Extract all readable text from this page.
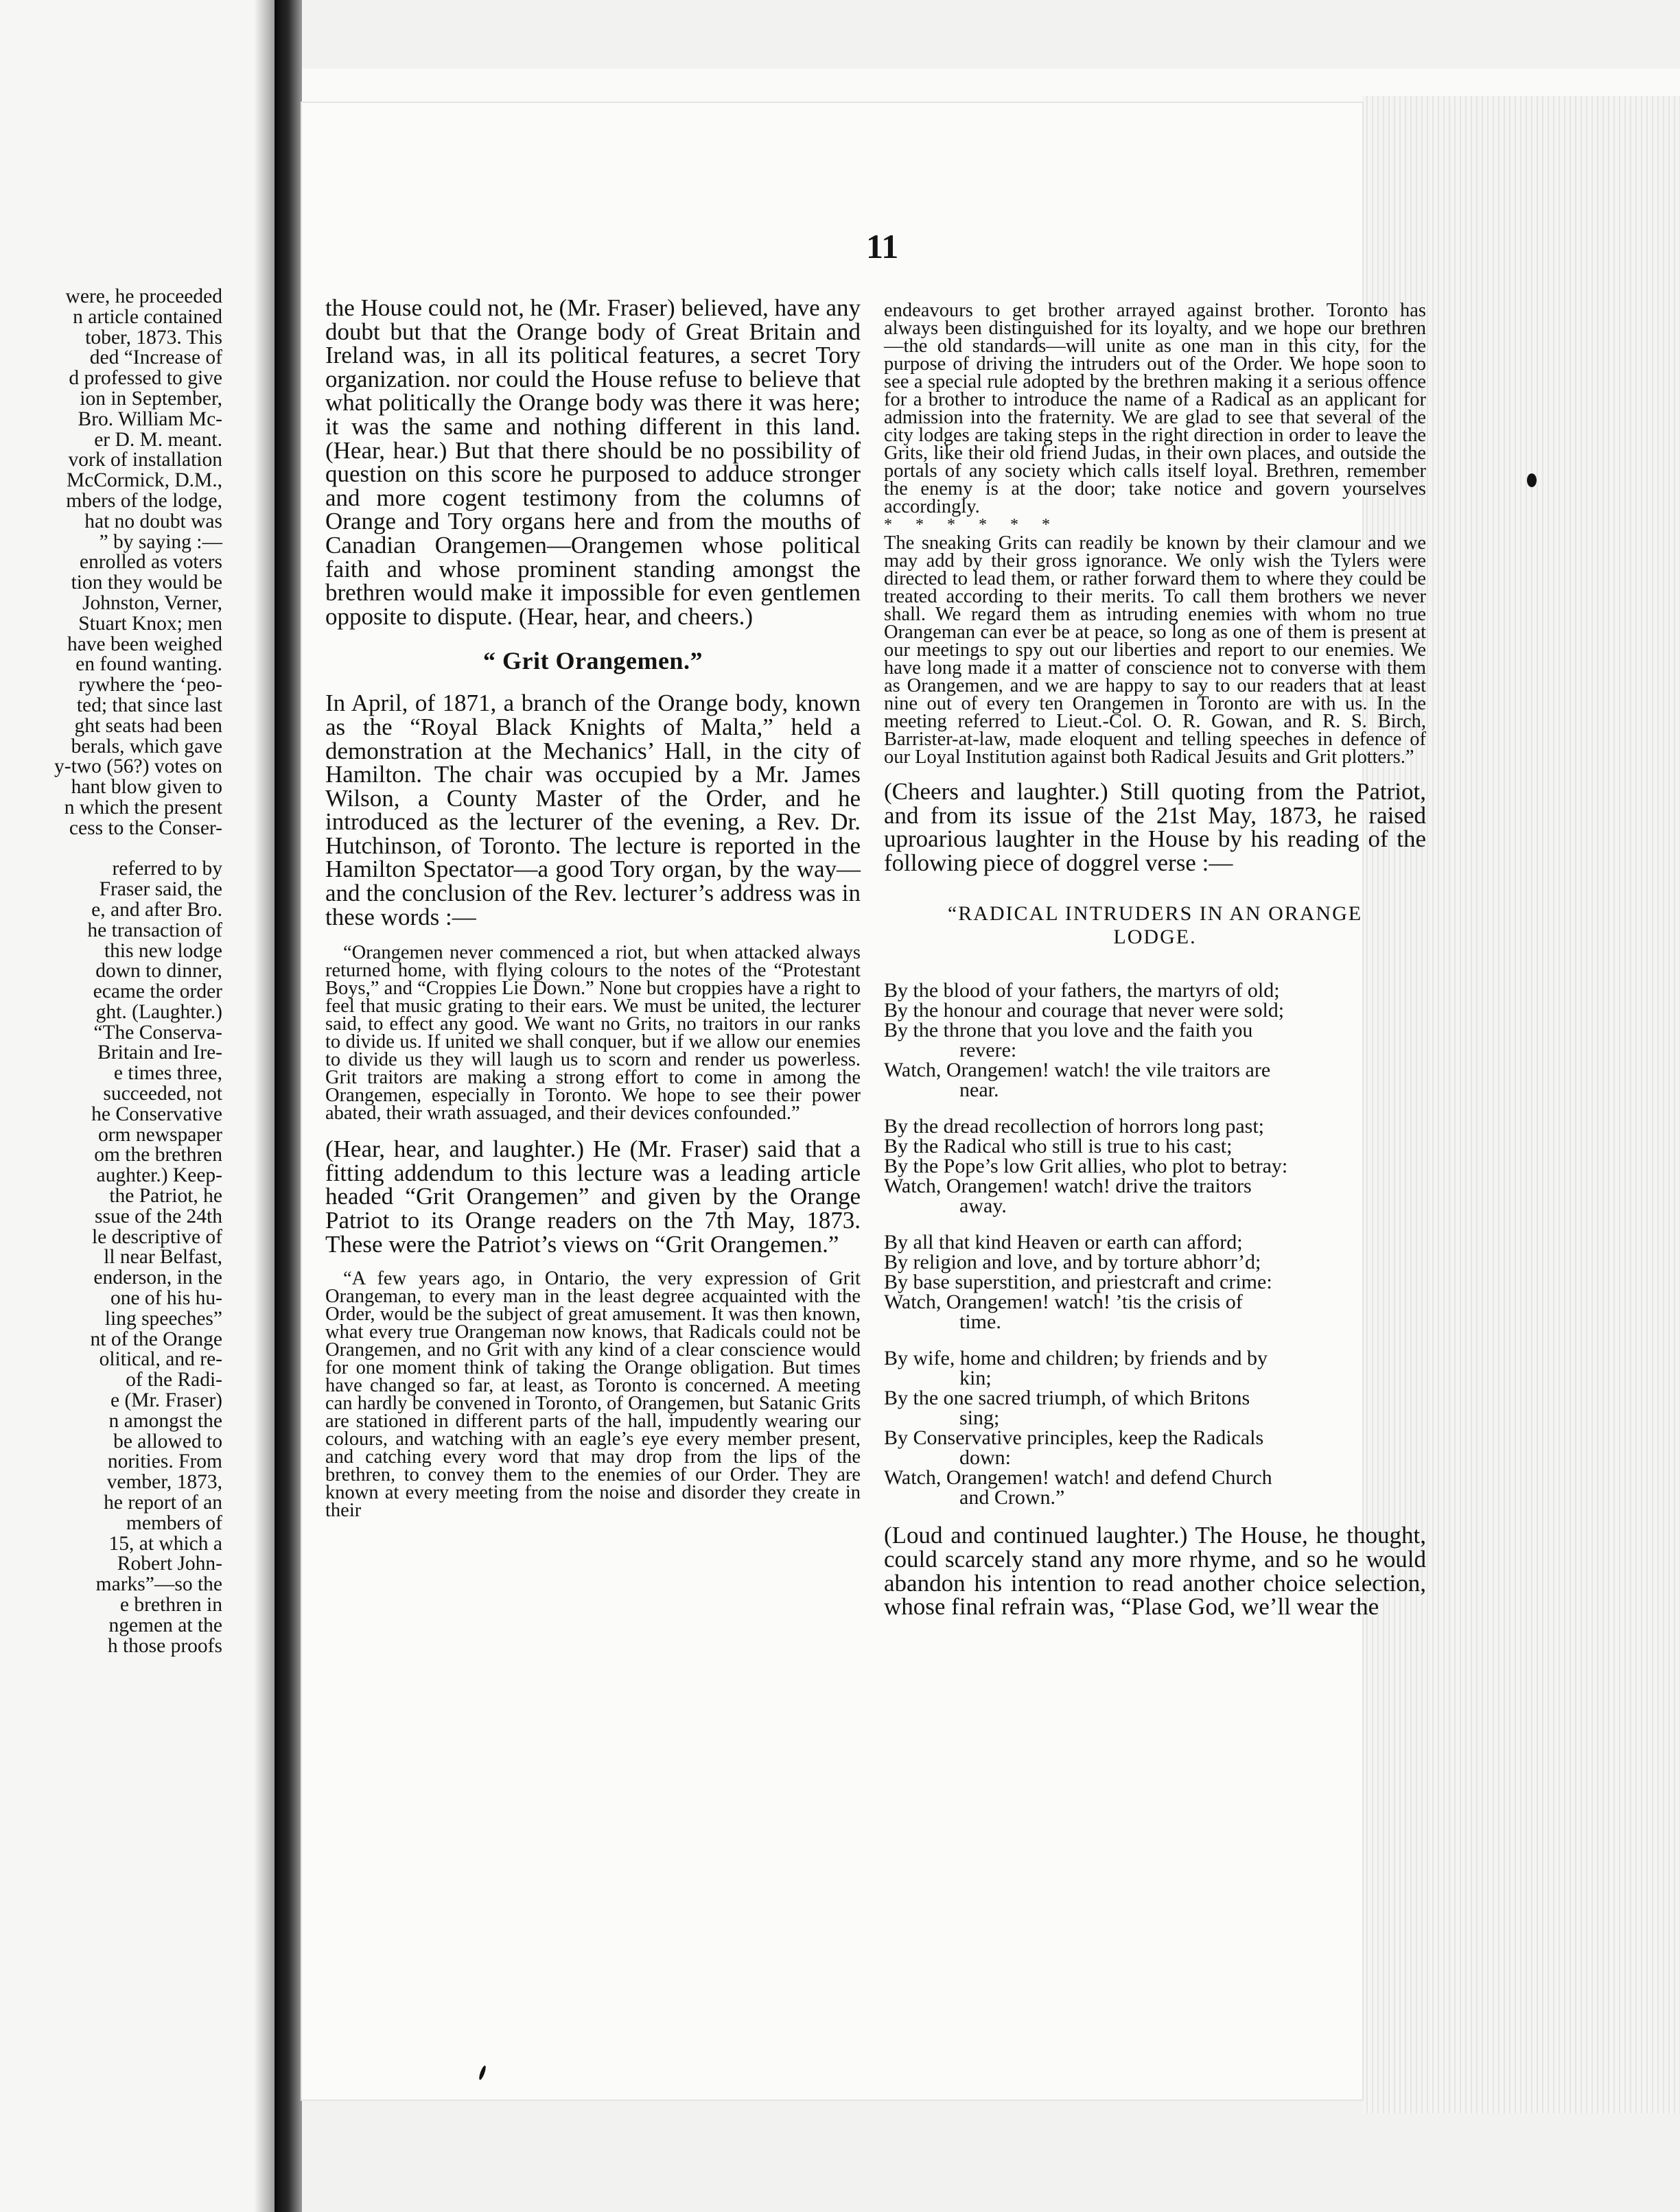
were, he proceeded
n article contained
tober, 1873. This
ded “Increase of
d professed to give
ion in September,
Bro. William Mc-
er D. M. meant.
vork of installation
McCormick, D.M.,
mbers of the lodge,
hat no doubt was
” by saying :—
enrolled as voters
tion they would be
Johnston, Verner,
Stuart Knox; men
have been weighed
en found wanting.
rywhere the ‘peo-
ted; that since last
ght seats had been
berals, which gave
y-two (56?) votes on
hant blow given to
n which the present
cess to the Conser-
referred to by
Fraser said, the
e, and after Bro.
he transaction of
this new lodge
down to dinner,
ecame the order
ght. (Laughter.)
“The Conserva-
Britain and Ire-
e times three,
succeeded, not
he Conservative
orm newspaper
om the brethren
aughter.) Keep-
the Patriot, he
ssue of the 24th
le descriptive of
ll near Belfast,
enderson, in the
one of his hu-
ling speeches”
nt of the Orange
olitical, and re-
of the Radi-
e (Mr. Fraser)
n amongst the
be allowed to
norities. From
vember, 1873,
he report of an
members of
15, at which a
Robert John-
marks”—so the
e brethren in
ngemen at the
h those proofs
11

the House could not, he (Mr. Fraser) believed, have any doubt but that the Orange body of Great Britain and Ireland was, in all its political features, a secret Tory organization. nor could the House refuse to believe that what politically the Orange body was there it was here; it was the same and nothing different in this land. (Hear, hear.) But that there should be no possibility of question on this score he purposed to adduce stronger and more cogent testimony from the columns of Orange and Tory organs here and from the mouths of Canadian Orangemen—Orangemen whose political faith and whose prominent standing amongst the brethren would make it impossible for even gentlemen opposite to dispute. (Hear, hear, and cheers.)

“ Grit Orangemen.”

In April, of 1871, a branch of the Orange body, known as the “Royal Black Knights of Malta,” held a demonstration at the Mechanics’ Hall, in the city of Hamilton. The chair was occupied by a Mr. James Wilson, a County Master of the Order, and he introduced as the lecturer of the evening, a Rev. Dr. Hutchinson, of Toronto. The lecture is reported in the Hamilton Spectator—a good Tory organ, by the way—and the conclusion of the Rev. lecturer’s address was in these words :—

“Orangemen never commenced a riot, but when attacked always returned home, with flying colours to the notes of the “Protestant Boys,” and “Croppies Lie Down.” None but croppies have a right to feel that music grating to their ears. We must be united, the lecturer said, to effect any good. We want no Grits, no traitors in our ranks to divide us. If united we shall conquer, but if we allow our enemies to divide us they will laugh us to scorn and render us powerless. Grit traitors are making a strong effort to come in among the Orangemen, especially in Toronto. We hope to see their power abated, their wrath assuaged, and their devices confounded.”

(Hear, hear, and laughter.) He (Mr. Fraser) said that a fitting addendum to this lecture was a leading article headed “Grit Orangemen” and given by the Orange Patriot to its Orange readers on the 7th May, 1873. These were the Patriot’s views on “Grit Orangemen.”

“A few years ago, in Ontario, the very expression of Grit Orangeman, to every man in the least degree acquainted with the Order, would be the subject of great amusement. It was then known, what every true Orangeman now knows, that Radicals could not be Orangemen, and no Grit with any kind of a clear conscience would for one moment think of taking the Orange obligation. But times have changed so far, at least, as Toronto is concerned. A meeting can hardly be convened in Toronto, of Orangemen, but Satanic Grits are stationed in different parts of the hall, impudently wearing our colours, and watching with an eagle’s eye every member present, and catching every word that may drop from the lips of the brethren, to convey them to the enemies of our Order. They are known at every meeting from the noise and disorder they create in their

endeavours to get brother arrayed against brother. Toronto has always been distinguished for its loyalty, and we hope our brethren—the old standards—will unite as one man in this city, for the purpose of driving the intruders out of the Order. We hope soon to see a special rule adopted by the brethren making it a serious offence for a brother to introduce the name of a Radical as an applicant for admission into the fraternity. We are glad to see that several of the city lodges are taking steps in the right direction in order to leave the Grits, like their old friend Judas, in their own places, and outside the portals of any society which calls itself loyal. Brethren, remember the enemy is at the door; take notice and govern yourselves accordingly.

* * * * * *

The sneaking Grits can readily be known by their clamour and we may add by their gross ignorance. We only wish the Tylers were directed to lead them, or rather forward them to where they could be treated according to their merits. To call them brothers we never shall. We regard them as intruding enemies with whom no true Orangeman can ever be at peace, so long as one of them is present at our meetings to spy out our liberties and report to our enemies. We have long made it a matter of conscience not to converse with them as Orangemen, and we are happy to say to our readers that at least nine out of every ten Orangemen in Toronto are with us. In the meeting referred to Lieut.-Col. O. R. Gowan, and R. S. Birch, Barrister-at-law, made eloquent and telling speeches in defence of our Loyal Institution against both Radical Jesuits and Grit plotters.”

(Cheers and laughter.) Still quoting from the Patriot, and from its issue of the 21st May, 1873, he raised uproarious laughter in the House by his reading of the following piece of doggrel verse :—

“RADICAL INTRUDERS IN AN ORANGE

LODGE.

By the blood of your fathers, the martyrs of old;

By the honour and courage that never were sold;

By the throne that you love and the faith you

revere:

Watch, Orangemen! watch! the vile traitors are

near.

By the dread recollection of horrors long past;

By the Radical who still is true to his cast;

By the Pope’s low Grit allies, who plot to betray:

Watch, Orangemen! watch! drive the traitors

away.

By all that kind Heaven or earth can afford;

By religion and love, and by torture abhorr’d;

By base superstition, and priestcraft and crime:

Watch, Orangemen! watch! ’tis the crisis of

time.

By wife, home and children; by friends and by

kin;

By the one sacred triumph, of which Britons

sing;

By Conservative principles, keep the Radicals

down:

Watch, Orangemen! watch! and defend Church

and Crown.”

(Loud and continued laughter.) The House, he thought, could scarcely stand any more rhyme, and so he would abandon his intention to read another choice selection, whose final refrain was, “Plase God, we’ll wear the
